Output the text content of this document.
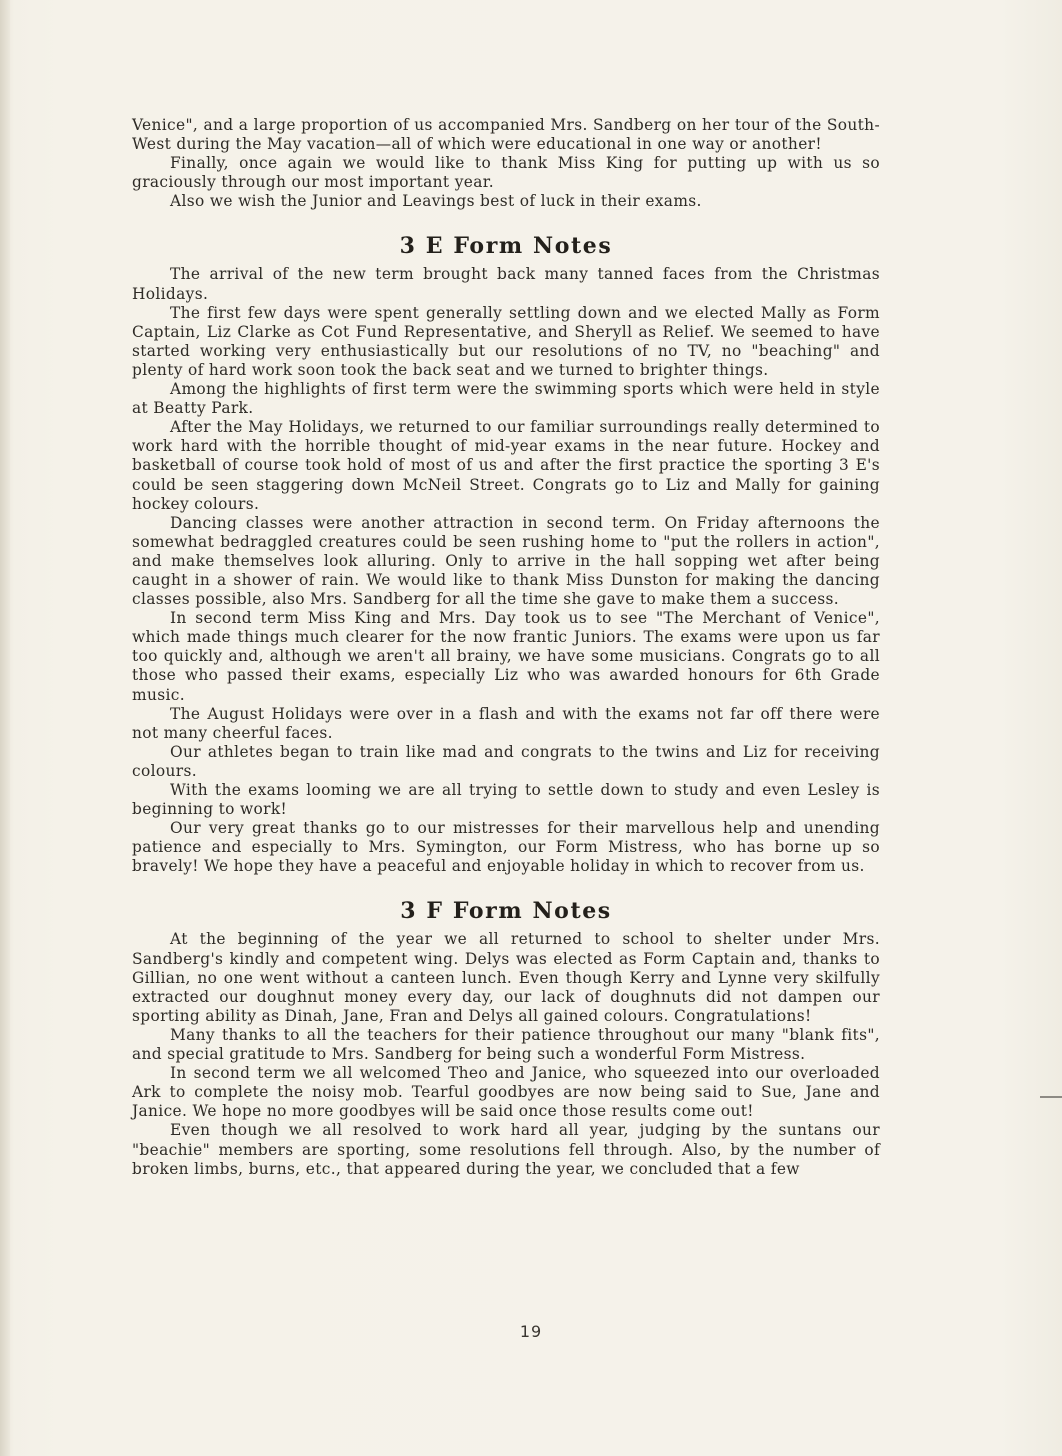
Venice", and a large proportion of us accompanied Mrs. Sandberg on her tour of the South-West during the May vacation—all of which were educational in one way or another!

Finally, once again we would like to thank Miss King for putting up with us so graciously through our most important year.

Also we wish the Junior and Leavings best of luck in their exams.

3 E Form Notes

The arrival of the new term brought back many tanned faces from the Christmas Holidays.

The first few days were spent generally settling down and we elected Mally as Form Captain, Liz Clarke as Cot Fund Representative, and Sheryll as Relief. We seemed to have started working very enthusiastically but our resolutions of no TV, no "beaching" and plenty of hard work soon took the back seat and we turned to brighter things.

Among the highlights of first term were the swimming sports which were held in style at Beatty Park.

After the May Holidays, we returned to our familiar surroundings really determined to work hard with the horrible thought of mid-year exams in the near future. Hockey and basketball of course took hold of most of us and after the first practice the sporting 3 E's could be seen staggering down McNeil Street. Congrats go to Liz and Mally for gaining hockey colours.

Dancing classes were another attraction in second term. On Friday afternoons the somewhat bedraggled creatures could be seen rushing home to "put the rollers in action", and make themselves look alluring. Only to arrive in the hall sopping wet after being caught in a shower of rain. We would like to thank Miss Dunston for making the dancing classes possible, also Mrs. Sandberg for all the time she gave to make them a success.

In second term Miss King and Mrs. Day took us to see "The Merchant of Venice", which made things much clearer for the now frantic Juniors. The exams were upon us far too quickly and, although we aren't all brainy, we have some musicians. Congrats go to all those who passed their exams, especially Liz who was awarded honours for 6th Grade music.

The August Holidays were over in a flash and with the exams not far off there were not many cheerful faces.

Our athletes began to train like mad and congrats to the twins and Liz for receiving colours.

With the exams looming we are all trying to settle down to study and even Lesley is beginning to work!

Our very great thanks go to our mistresses for their marvellous help and unending patience and especially to Mrs. Symington, our Form Mistress, who has borne up so bravely! We hope they have a peaceful and enjoyable holiday in which to recover from us.

3 F Form Notes

At the beginning of the year we all returned to school to shelter under Mrs. Sandberg's kindly and competent wing. Delys was elected as Form Captain and, thanks to Gillian, no one went without a canteen lunch. Even though Kerry and Lynne very skilfully extracted our doughnut money every day, our lack of doughnuts did not dampen our sporting ability as Dinah, Jane, Fran and Delys all gained colours. Congratulations!

Many thanks to all the teachers for their patience throughout our many "blank fits", and special gratitude to Mrs. Sandberg for being such a wonderful Form Mistress.

In second term we all welcomed Theo and Janice, who squeezed into our overloaded Ark to complete the noisy mob. Tearful goodbyes are now being said to Sue, Jane and Janice. We hope no more goodbyes will be said once those results come out!

Even though we all resolved to work hard all year, judging by the suntans our "beachie" members are sporting, some resolutions fell through. Also, by the number of broken limbs, burns, etc., that appeared during the year, we concluded that a few

19
